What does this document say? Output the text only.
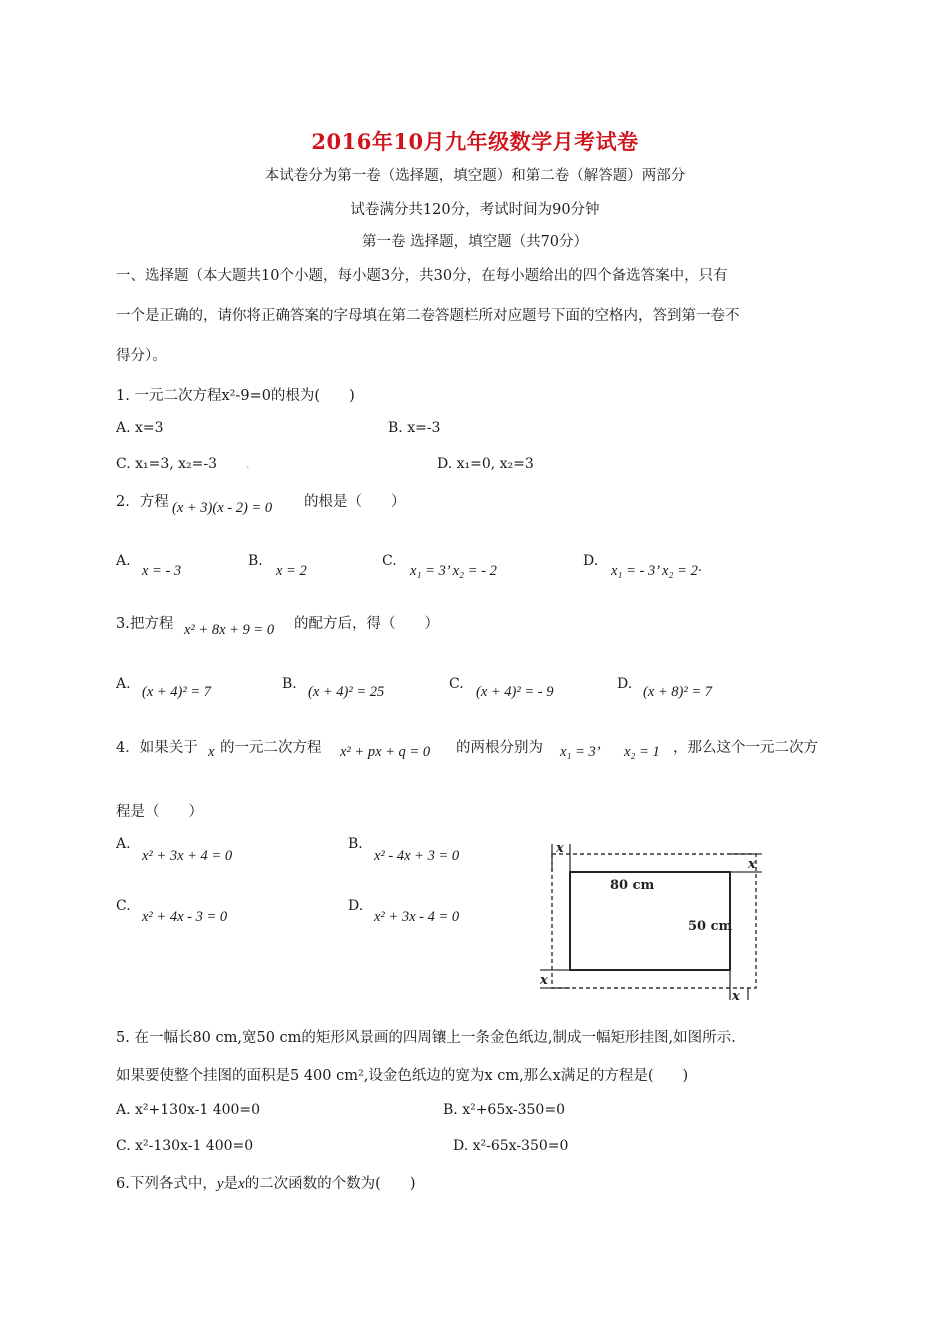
2016年10月九年级数学月考试卷
本试卷分为第一卷（选择题，填空题）和第二卷（解答题）两部分
试卷满分共120分，考试时间为90分钟
第一卷 选择题，填空题（共70分）
一、选择题（本大题共10个小题，每小题3分，共30分，在每小题给出的四个备选答案中，只有
一个是正确的，请你将正确答案的字母填在第二卷答题栏所对应题号下面的空格内，答到第一卷不
得分）。
1. 一元二次方程x²-9=0的根为(　　)
A. x=3	B. x=-3
C. x₁=3, x₂=-3	.	D. x₁=0, x₂=3
2．方程 (x + 3)(x - 2) = 0 的根是（　　）
A.
x = - 3
B.
x = 2
C.
x₁ = 3’ x₂ = - 2
D.
x₁ = - 3’ x₂ = 2·
3.把方程 x² + 8x + 9 = 0 的配方后，得（　　）
A. (x + 4)² = 7	B. (x + 4)² = 25	C. (x + 4)² = - 9	D. (x + 8)² = 7
4．如果关于 x 的一元二次方程 x² + px + q = 0 的两根分别为 x₁ = 3’ x₂ = 1 ，那么这个一元二次方
程是（　　）
A.
x² + 3x + 4 = 0
B.
x² - 4x + 3 = 0
C.
x² + 4x - 3 = 0
D.
x² + 3x - 4 = 0
80 cm
50 cm
x
x
x
x
5. 在一幅长80 cm,宽50 cm的矩形风景画的四周镶上一条金色纸边,制成一幅矩形挂图,如图所示.
如果要使整个挂图的面积是5 400 cm²,设金色纸边的宽为x cm,那么x满足的方程是(　　)
A. x²+130x-1 400=0	B. x²+65x-350=0
C. x²-130x-1 400=0	D. x²-65x-350=0
6.下列各式中，y是x的二次函数的个数为(　　)
